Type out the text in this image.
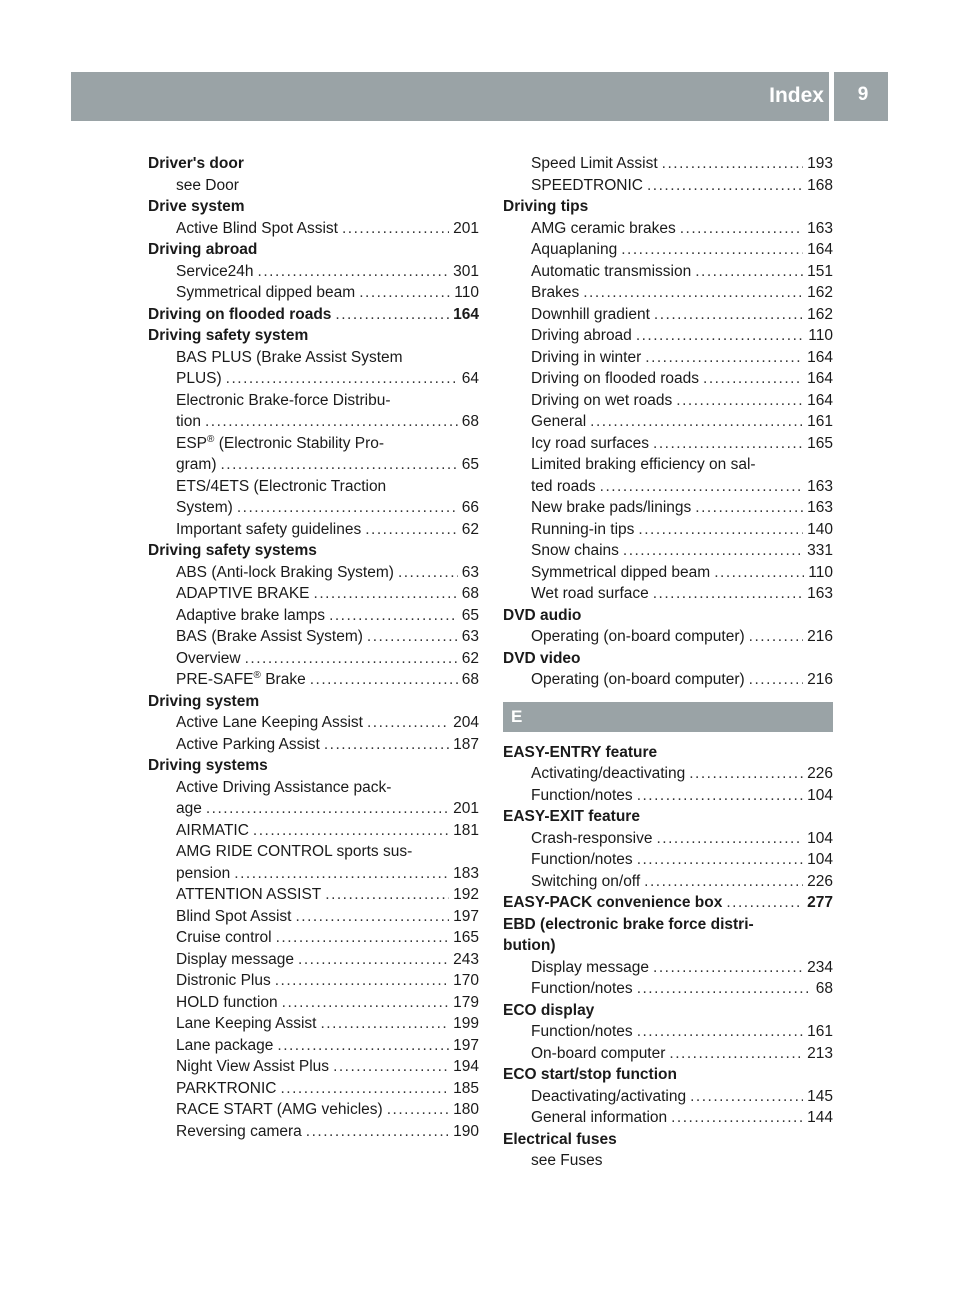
Index	9
Driver's door
see Door
Drive system
Active Blind Spot Assist .....	201
Driving abroad
Service24h .....	301
Symmetrical dipped beam .....	110
Driving on flooded roads .....	164
Driving safety system
BAS PLUS (Brake Assist System
PLUS) .....	64
Electronic Brake-force Distribu-
tion .....	68
ESP® (Electronic Stability Pro-
gram) .....	65
ETS/4ETS (Electronic Traction
System) .....	66
Important safety guidelines .....	62
Driving safety systems
ABS (Anti-lock Braking System) .....	63
ADAPTIVE BRAKE .....	68
Adaptive brake lamps .....	65
BAS (Brake Assist System) .....	63
Overview .....	62
PRE-SAFE® Brake .....	68
Driving system
Active Lane Keeping Assist .....	204
Active Parking Assist .....	187
Driving systems
Active Driving Assistance pack-
age .....	201
AIRMATIC .....	181
AMG RIDE CONTROL sports sus-
pension .....	183
ATTENTION ASSIST .....	192
Blind Spot Assist .....	197
Cruise control .....	165
Display message .....	243
Distronic Plus .....	170
HOLD function .....	179
Lane Keeping Assist .....	199
Lane package .....	197
Night View Assist Plus .....	194
PARKTRONIC .....	185
RACE START (AMG vehicles) .....	180
Reversing camera .....	190
Speed Limit Assist .....	193
SPEEDTRONIC .....	168
Driving tips
AMG ceramic brakes .....	163
Aquaplaning .....	164
Automatic transmission .....	151
Brakes .....	162
Downhill gradient .....	162
Driving abroad .....	110
Driving in winter .....	164
Driving on flooded roads .....	164
Driving on wet roads .....	164
General .....	161
Icy road surfaces .....	165
Limited braking efficiency on sal-
ted roads .....	163
New brake pads/linings .....	163
Running-in tips .....	140
Snow chains .....	331
Symmetrical dipped beam .....	110
Wet road surface .....	163
DVD audio
Operating (on-board computer) .....	216
DVD video
Operating (on-board computer) .....	216
E
EASY-ENTRY feature
Activating/deactivating .....	226
Function/notes .....	104
EASY-EXIT feature
Crash-responsive .....	104
Function/notes .....	104
Switching on/off .....	226
EASY-PACK convenience box .....	277
EBD (electronic brake force distri-
bution)
Display message .....	234
Function/notes .....	68
ECO display
Function/notes .....	161
On-board computer .....	213
ECO start/stop function
Deactivating/activating .....	145
General information .....	144
Electrical fuses
see Fuses
